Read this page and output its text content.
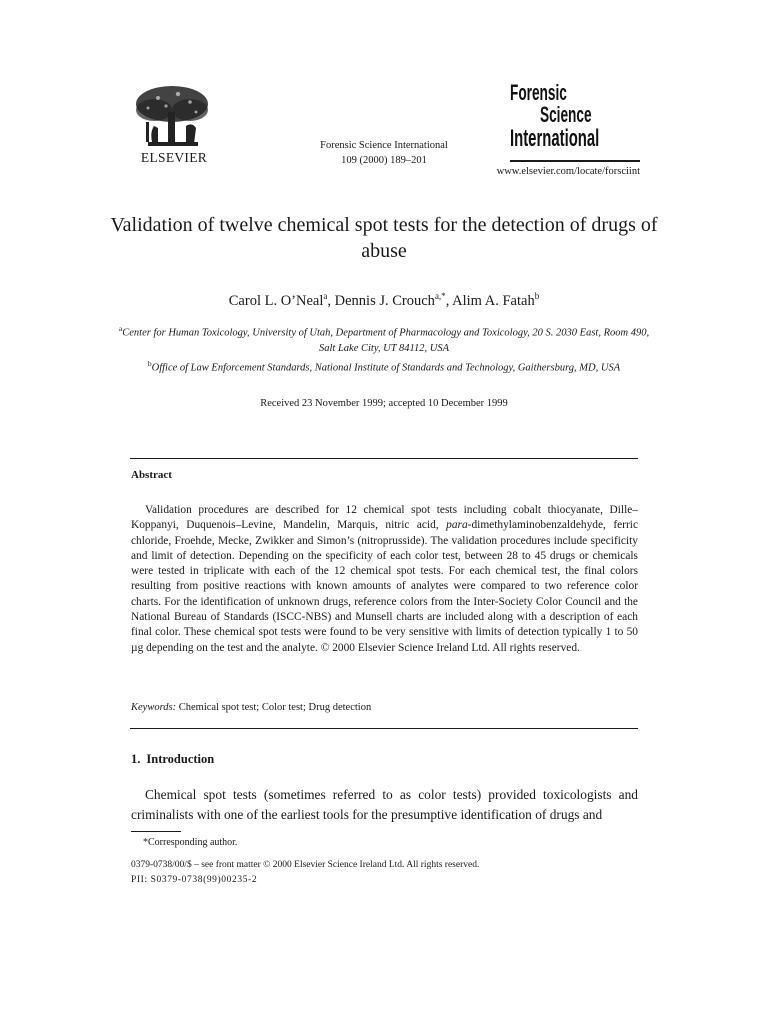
ELSEVIER
Forensic Science International
109 (2000) 189–201
Forensic
Science
International
www.elsevier.com/locate/forsciint
Validation of twelve chemical spot tests for the detection of drugs of abuse
Carol L. O’Neal$^a$, Dennis J. Crouch$^{a,*}$, Alim A. Fatah$^b$
$^a$Center for Human Toxicology, University of Utah, Department of Pharmacology and Toxicology, 20 S. 2030 East, Room 490, Salt Lake City, UT 84112, USA
$^b$Office of Law Enforcement Standards, National Institute of Standards and Technology, Gaithersburg, MD, USA
Received 23 November 1999; accepted 10 December 1999
Abstract
Validation procedures are described for 12 chemical spot tests including cobalt thiocyanate, Dille–Koppanyi, Duquenois–Levine, Mandelin, Marquis, nitric acid, para-dimethylaminobenzaldehyde, ferric chloride, Froehde, Mecke, Zwikker and Simon’s (nitroprusside). The validation procedures include specificity and limit of detection. Depending on the specificity of each color test, between 28 to 45 drugs or chemicals were tested in triplicate with each of the 12 chemical spot tests. For each chemical test, the final colors resulting from positive reactions with known amounts of analytes were compared to two reference color charts. For the identification of unknown drugs, reference colors from the Inter-Society Color Council and the National Bureau of Standards (ISCC-NBS) and Munsell charts are included along with a description of each final color. These chemical spot tests were found to be very sensitive with limits of detection typically 1 to 50 µg depending on the test and the analyte. © 2000 Elsevier Science Ireland Ltd. All rights reserved.
Keywords: Chemical spot test; Color test; Drug detection
1. Introduction
Chemical spot tests (sometimes referred to as color tests) provided toxicologists and criminalists with one of the earliest tools for the presumptive identification of drugs and
*Corresponding author.
0379-0738/00/$ – see front matter © 2000 Elsevier Science Ireland Ltd. All rights reserved.
PII: S0379-0738(99)00235-2
